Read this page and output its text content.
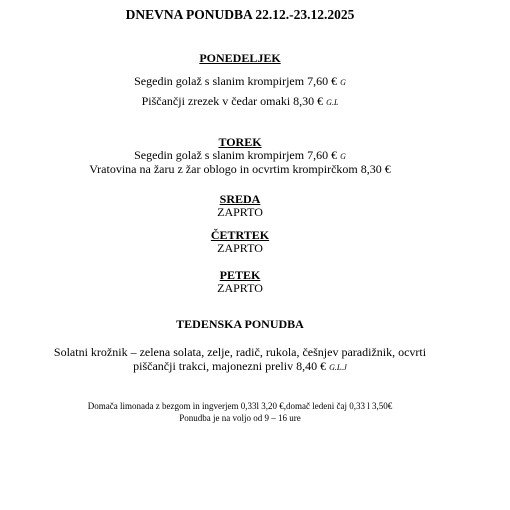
DNEVNA PONUDBA 22.12.-23.12.2025
PONEDELJEK
Segedin golaž s slanim krompirjem 7,60 € G
Piščančji zrezek v čedar omaki 8,30 € G.L
TOREK
Segedin golaž s slanim krompirjem 7,60 € G
Vratovina na žaru z žar oblogo in ocvrtim krompirčkom 8,30 €
SREDA
ZAPRTO
ČETRTEK
ZAPRTO
PETEK
ZAPRTO
TEDENSKA PONUDBA
Solatni krožnik – zelena solata, zelje, radič, rukola, češnjev paradižnik, ocvrti
piščančji trakci, majonezni preliv 8,40 € G.L.J
Domača limonada z bezgom in ingverjem 0,33l 3,20 €,domač ledeni čaj 0,33 l 3,50€
Ponudba je na voljo od 9 – 16 ure
